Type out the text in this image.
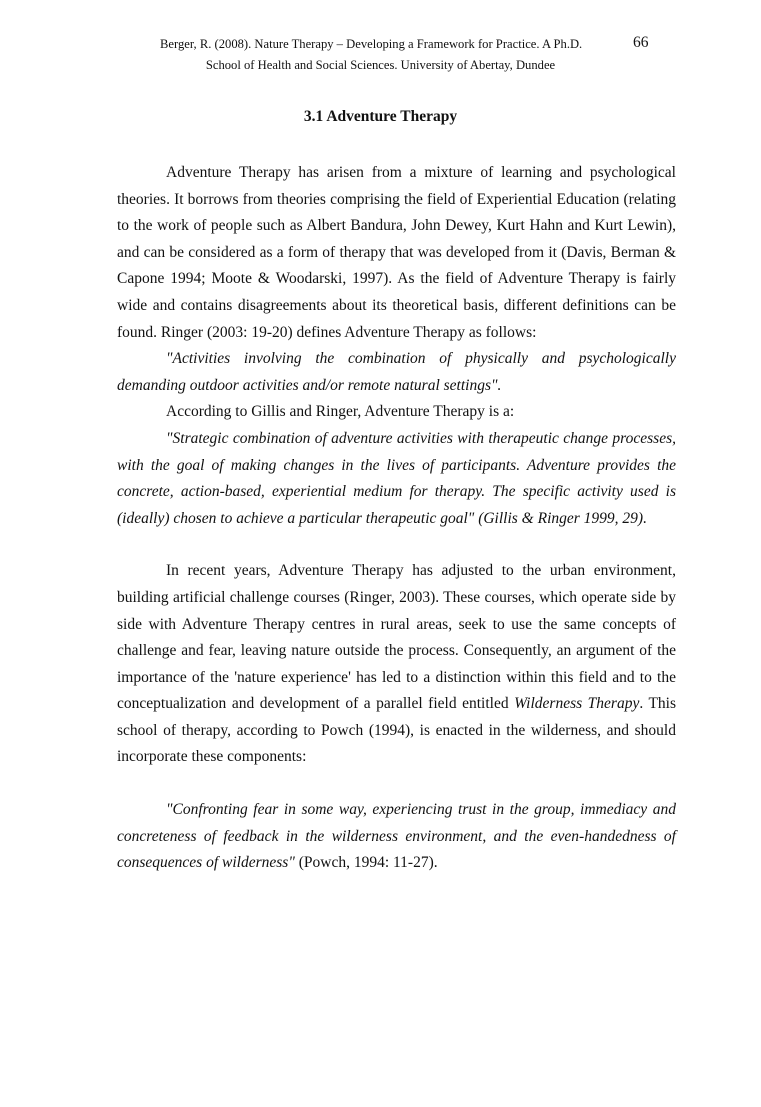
Berger, R. (2008). Nature Therapy – Developing a Framework for Practice. A Ph.D.
School of Health and Social Sciences. University of Abertay, Dundee
66
3.1 Adventure Therapy

Adventure Therapy has arisen from a mixture of learning and psychological theories. It borrows from theories comprising the field of Experiential Education (relating to the work of people such as Albert Bandura, John Dewey, Kurt Hahn and Kurt Lewin), and can be considered as a form of therapy that was developed from it (Davis, Berman & Capone 1994; Moote & Woodarski, 1997). As the field of Adventure Therapy is fairly wide and contains disagreements about its theoretical basis, different definitions can be found. Ringer (2003: 19-20) defines Adventure Therapy as follows:

"Activities involving the combination of physically and psychologically demanding outdoor activities and/or remote natural settings".

According to Gillis and Ringer, Adventure Therapy is a:

"Strategic combination of adventure activities with therapeutic change processes, with the goal of making changes in the lives of participants. Adventure provides the concrete, action-based, experiential medium for therapy. The specific activity used is (ideally) chosen to achieve a particular therapeutic goal" (Gillis & Ringer 1999, 29).

In recent years, Adventure Therapy has adjusted to the urban environment, building artificial challenge courses (Ringer, 2003). These courses, which operate side by side with Adventure Therapy centres in rural areas, seek to use the same concepts of challenge and fear, leaving nature outside the process. Consequently, an argument of the importance of the 'nature experience' has led to a distinction within this field and to the conceptualization and development of a parallel field entitled Wilderness Therapy. This school of therapy, according to Powch (1994), is enacted in the wilderness, and should incorporate these components:

"Confronting fear in some way, experiencing trust in the group, immediacy and concreteness of feedback in the wilderness environment, and the even-handedness of consequences of wilderness" (Powch, 1994: 11-27).
